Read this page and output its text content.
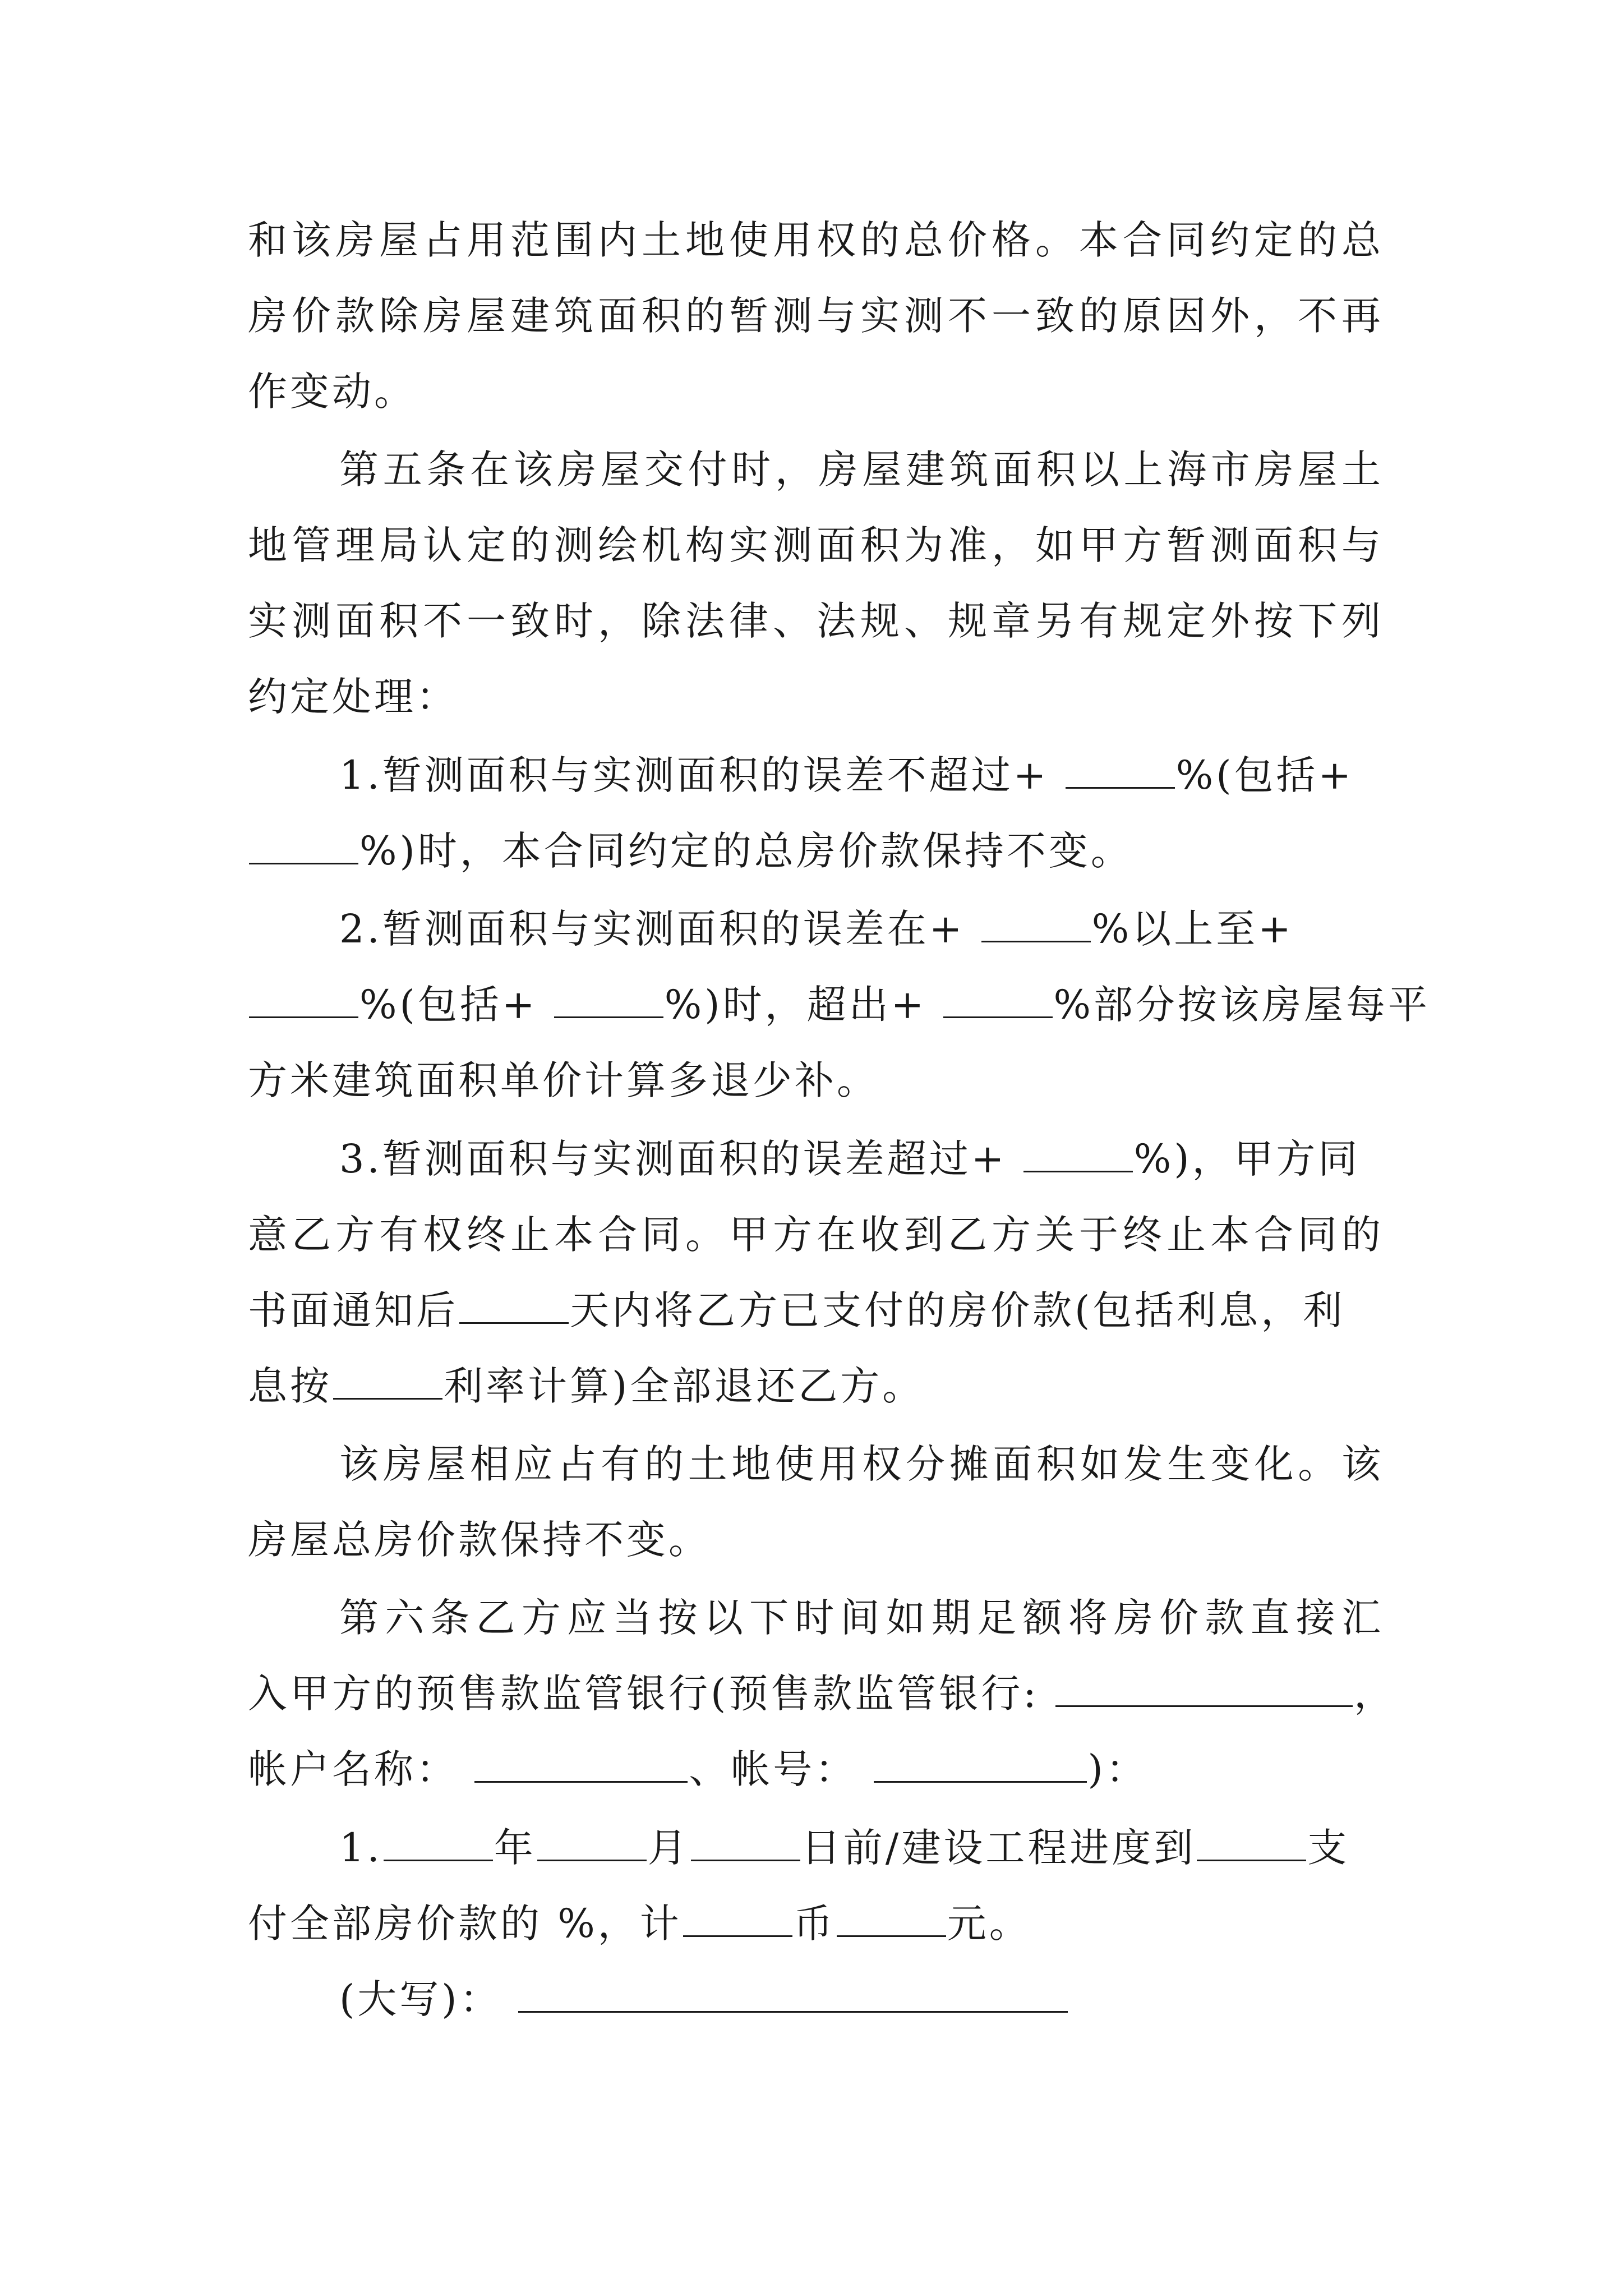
和该房屋占用范围内土地使用权的总价格。本合同约定的总
房价款除房屋建筑面积的暂测与实测不一致的原因外，不再
作变动。
第五条在该房屋交付时，房屋建筑面积以上海市房屋土
地管理局认定的测绘机构实测面积为准，如甲方暂测面积与
实测面积不一致时，除法律、法规、规章另有规定外按下列
约定处理：
1.暂测面积与实测面积的误差不超过+	%(包括+
%)时，本合同约定的总房价款保持不变。
2.暂测面积与实测面积的误差在+	%以上至+
%(包括+	%)时，超出+	%部分按该房屋每平
方米建筑面积单价计算多退少补。
3.暂测面积与实测面积的误差超过+	%)，甲方同
意乙方有权终止本合同。甲方在收到乙方关于终止本合同的
书面通知后	天内将乙方已支付的房价款(包括利息，利
息按	利率计算)全部退还乙方。
该房屋相应占有的土地使用权分摊面积如发生变化。该
房屋总房价款保持不变。
第六条乙方应当按以下时间如期足额将房价款直接汇
入甲方的预售款监管银行(预售款监管银行:	，
帐户名称：	、帐号：	)：
1.	年	月	日前/建设工程进度到	支
付全部房价款的 %，计	币	元。
(大写)：
